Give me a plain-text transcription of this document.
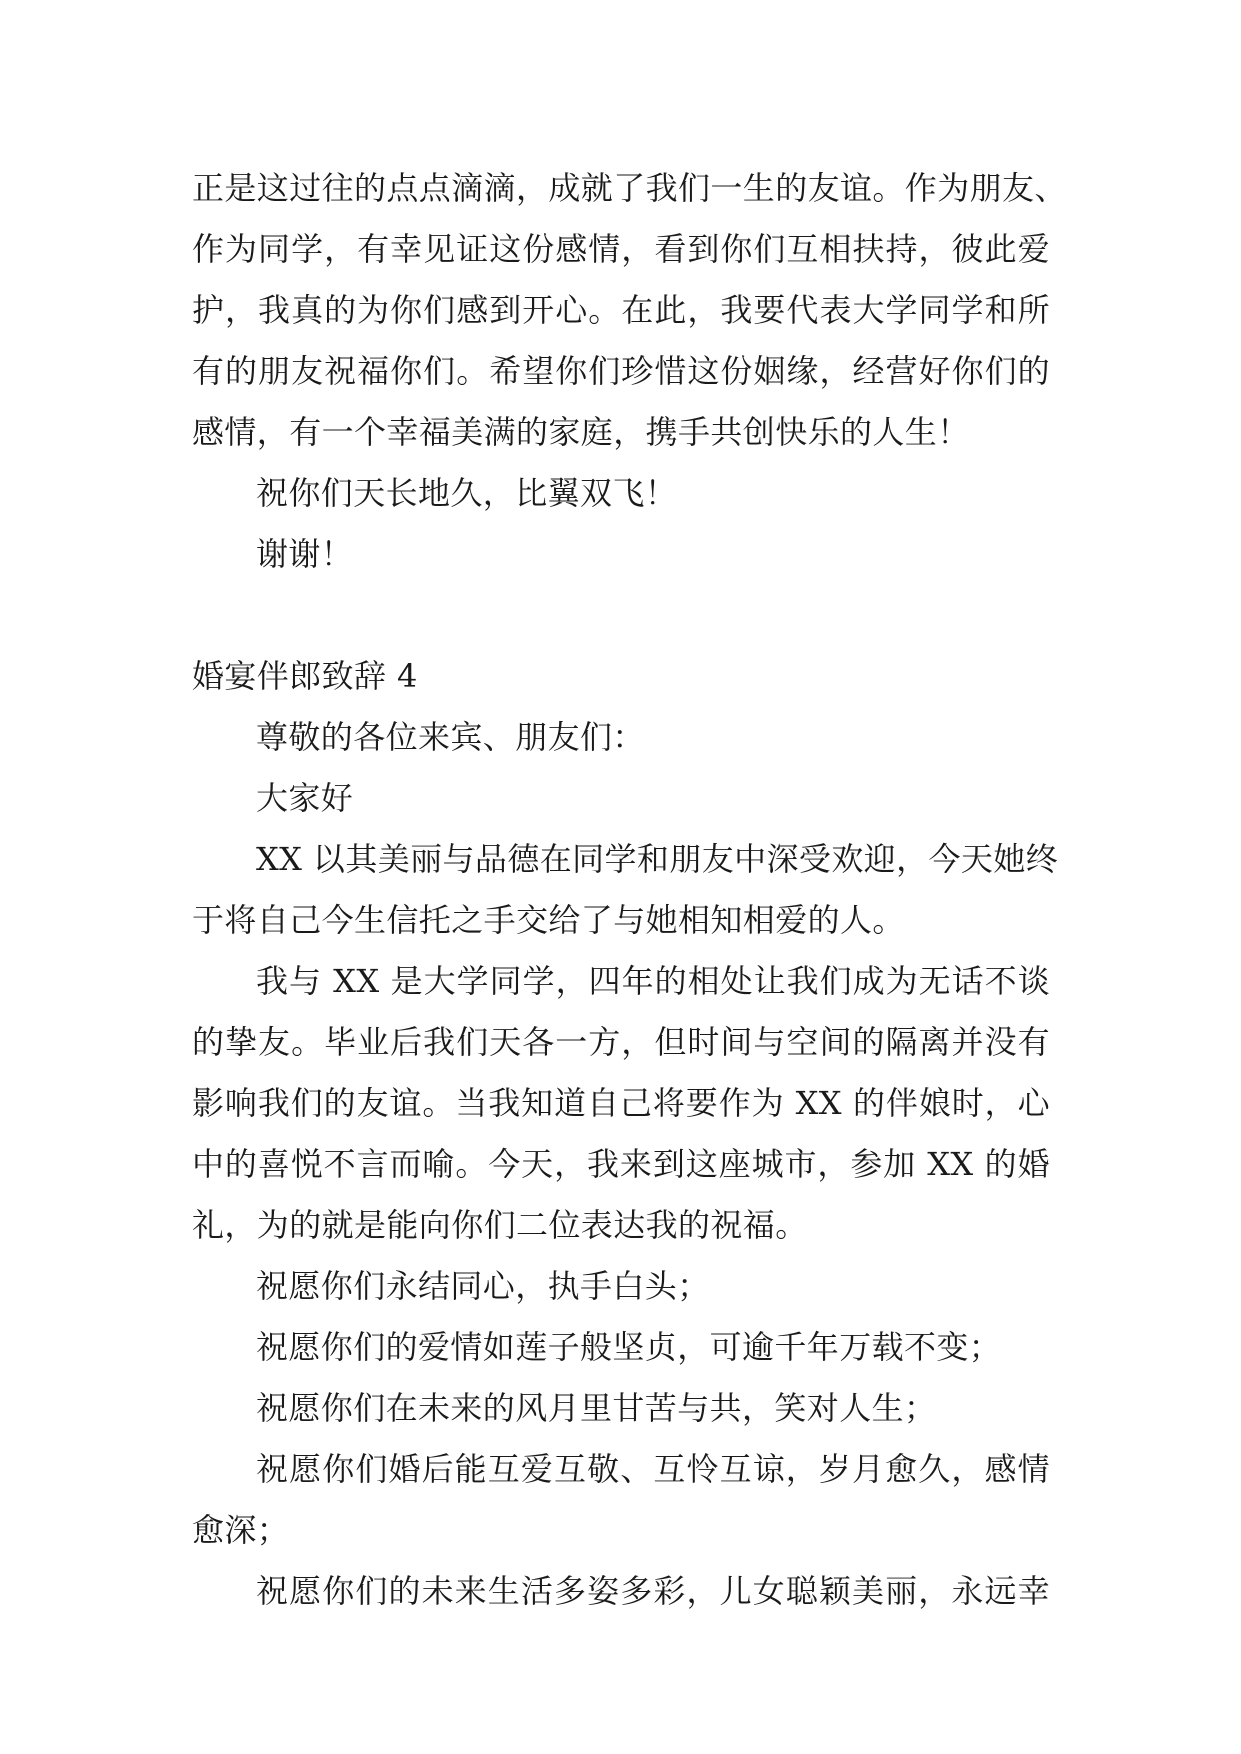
正是这过往的点点滴滴，成就了我们一生的友谊。作为朋友、
作为同学，有幸见证这份感情，看到你们互相扶持，彼此爱
护，我真的为你们感到开心。在此，我要代表大学同学和所
有的朋友祝福你们。希望你们珍惜这份姻缘，经营好你们的
感情，有一个幸福美满的家庭，携手共创快乐的人生！
祝你们天长地久，比翼双飞！
谢谢！
婚宴伴郎致辞 4
尊敬的各位来宾、朋友们：
大家好
XX 以其美丽与品德在同学和朋友中深受欢迎，今天她终
于将自己今生信托之手交给了与她相知相爱的人。
我与 XX 是大学同学，四年的相处让我们成为无话不谈
的挚友。毕业后我们天各一方，但时间与空间的隔离并没有
影响我们的友谊。当我知道自己将要作为 XX 的伴娘时，心
中的喜悦不言而喻。今天，我来到这座城市，参加 XX 的婚
礼，为的就是能向你们二位表达我的祝福。
祝愿你们永结同心，执手白头；
祝愿你们的爱情如莲子般坚贞，可逾千年万载不变；
祝愿你们在未来的风月里甘苦与共，笑对人生；
祝愿你们婚后能互爱互敬、互怜互谅，岁月愈久，感情
愈深；
祝愿你们的未来生活多姿多彩，儿女聪颖美丽，永远幸
